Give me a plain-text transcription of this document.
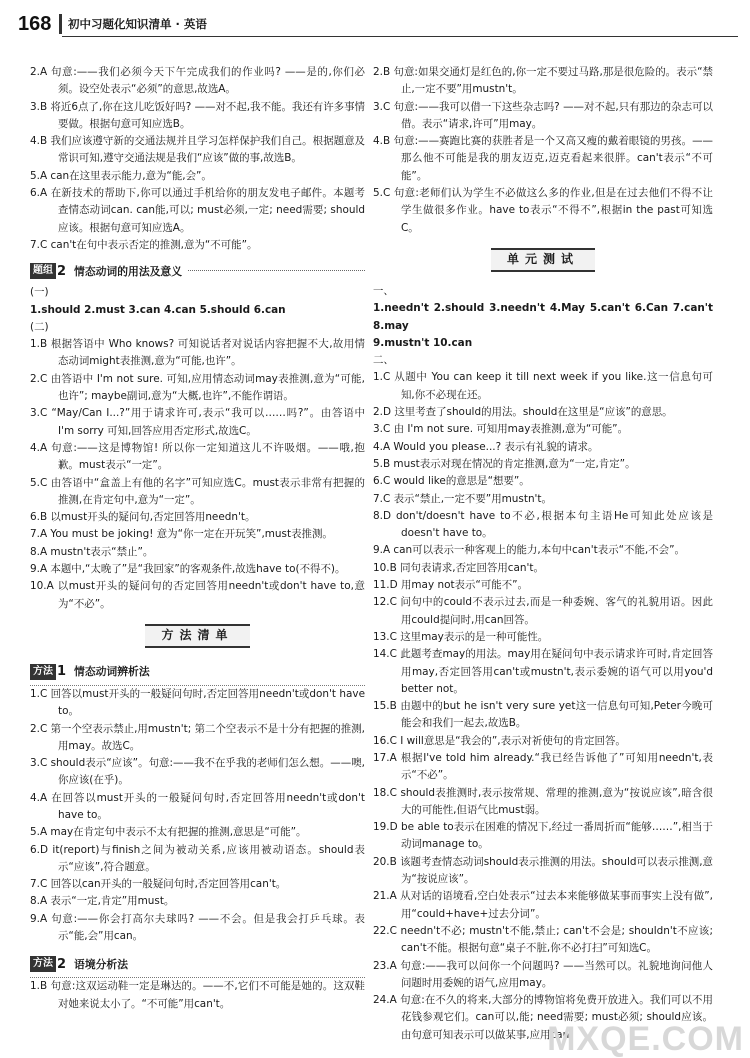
168 初中习题化知识清单 · 英语

2.A 句意:——我们必须今天下午完成我们的作业吗? ——是的,你们必须。设空处表示“必须”的意思,故选A。

3.B 将近6点了,你在这儿吃饭好吗? ——对不起,我不能。我还有许多事情要做。根据句意可知应选B。

4.B 我们应该遵守新的交通法规并且学习怎样保护我们自己。根据题意及常识可知,遵守交通法规是我们“应该”做的事,故选B。

5.A can在这里表示能力,意为“能,会”。

6.A 在新技术的帮助下,你可以通过手机给你的朋友发电子邮件。本题考查情态动词can. can能,可以; must必须,一定; need需要; should应该。根据句意可知应选A。

7.C can't在句中表示否定的推测,意为“不可能”。

题组 2 情态动词的用法及意义

(一)

1.should 2.must 3.can 4.can 5.should 6.can

(二)

1.B 根据答语中 Who knows? 可知说话者对说话内容把握不大,故用情态动词might表推测,意为“可能,也许”。

2.C 由答语中 I'm not sure. 可知,应用情态动词may表推测,意为“可能,也许”; maybe副词,意为“大概,也许”,不能作谓语。

3.C “May/Can I...?”用于请求许可,表示“我可以……吗?”。由答语中 I'm sorry 可知,回答应用否定形式,故选C。

4.A 句意:——这是博物馆! 所以你一定知道这儿不许吸烟。——哦,抱歉。must表示“一定”。

5.C 由答语中“盒盖上有他的名字”可知应选C。must表示非常有把握的推测,在肯定句中,意为“一定”。

6.B 以must开头的疑问句,否定回答用needn't。

7.A You must be joking! 意为“你一定在开玩笑”,must表推测。

8.A mustn't表示“禁止”。

9.A 本题中,“太晚了”是“我回家”的客观条件,故选have to(不得不)。

10.A 以must开头的疑问句的否定回答用needn't或don't have to,意为“不必”。

方法清单
方法 1 情态动词辨析法

1.C 回答以must开头的一般疑问句时,否定回答用needn't或don't have to。

2.C 第一个空表示禁止,用mustn't; 第二个空表示不是十分有把握的推测,用may。故选C。

3.C should表示“应该”。句意:——我不在乎我的老师们怎么想。——噢,你应该(在乎)。

4.A 在回答以must开头的一般疑问句时,否定回答用needn't或don't have to。

5.A may在肯定句中表示不太有把握的推测,意思是“可能”。

6.D it(report)与finish之间为被动关系,应该用被动语态。should表示“应该”,符合题意。

7.C 回答以can开头的一般疑问句时,否定回答用can't。

8.A 表示“一定,肯定”用must。

9.A 句意:——你会打高尔夫球吗? ——不会。但是我会打乒乓球。表示“能,会”用can。

方法 2 语境分析法

1.B 句意:这双运动鞋一定是琳达的。——不,它们不可能是她的。这双鞋对她来说太小了。“不可能”用can't。

2.B 句意:如果交通灯是红色的,你一定不要过马路,那是很危险的。表示“禁止,一定不要”用mustn't。

3.C 句意:——我可以借一下这些杂志吗? ——对不起,只有那边的杂志可以借。表示“请求,许可”用may。

4.B 句意:——赛跑比赛的获胜者是一个又高又瘦的戴着眼镜的男孩。——那么他不可能是我的朋友迈克,迈克看起来很胖。can't表示“不可能”。

5.C 句意:老师们认为学生不必做这么多的作业,但是在过去他们不得不让学生做很多作业。have to表示“不得不”,根据in the past可知选C。

单元测试

一、

1.needn't 2.should 3.needn't 4.May 5.can't 6.Can 7.can't 8.may

9.mustn't 10.can

二、

1.C 从题中 You can keep it till next week if you like.这一信息句可知,你不必现在还。

2.D 这里考查了should的用法。should在这里是“应该”的意思。

3.C 由 I'm not sure. 可知用may表推测,意为“可能”。

4.A Would you please...? 表示有礼貌的请求。

5.B must表示对现在情况的肯定推测,意为“一定,肯定”。

6.C would like的意思是“想要”。

7.C 表示“禁止,一定不要”用mustn't。

8.D don't/doesn't have to不必,根据本句主语He可知此处应该是doesn't have to。

9.A can可以表示一种客观上的能力,本句中can't表示“不能,不会”。

10.B 同句表请求,否定回答用can't。

11.D 用may not表示“可能不”。

12.C 问句中的could不表示过去,而是一种委婉、客气的礼貌用语。因此用could提问时,用can回答。

13.C 这里may表示的是一种可能性。

14.C 此题考查may的用法。may用在疑问句中表示请求许可时,肯定回答用may,否定回答用can't或mustn't,表示委婉的语气可以用you'd better not。

15.B 由题中的but he isn't very sure yet这一信息句可知,Peter今晚可能会和我们一起去,故选B。

16.C I will意思是“我会的”,表示对祈使句的肯定回答。

17.A 根据I've told him already.“我已经告诉他了”可知用needn't,表示“不必”。

18.C should表推测时,表示按常规、常理的推测,意为“按说应该”,暗含很大的可能性,但语气比must弱。

19.D be able to表示在困难的情况下,经过一番周折而“能够……”,相当于动词manage to。

20.B 该题考查情态动词should表示推测的用法。should可以表示推测,意为“按说应该”。

21.A 从对话的语境看,空白处表示“过去本来能够做某事而事实上没有做”,用“could+have+过去分词”。

22.C needn't不必; mustn't不能,禁止; can't不会是; shouldn't不应该; can't不能。根据句意“桌子不脏,你不必打扫”可知选C。

23.A 句意:——我可以问你一个问题吗? ——当然可以。礼貌地询问他人问题时用委婉的语气,应用may。

24.A 句意:在不久的将来,大部分的博物馆将免费开放进入。我们可以不用花钱参观它们。can可以,能; need需要; must必须; should应该。由句意可知表示可以做某事,应用can。

MXQE.COM
